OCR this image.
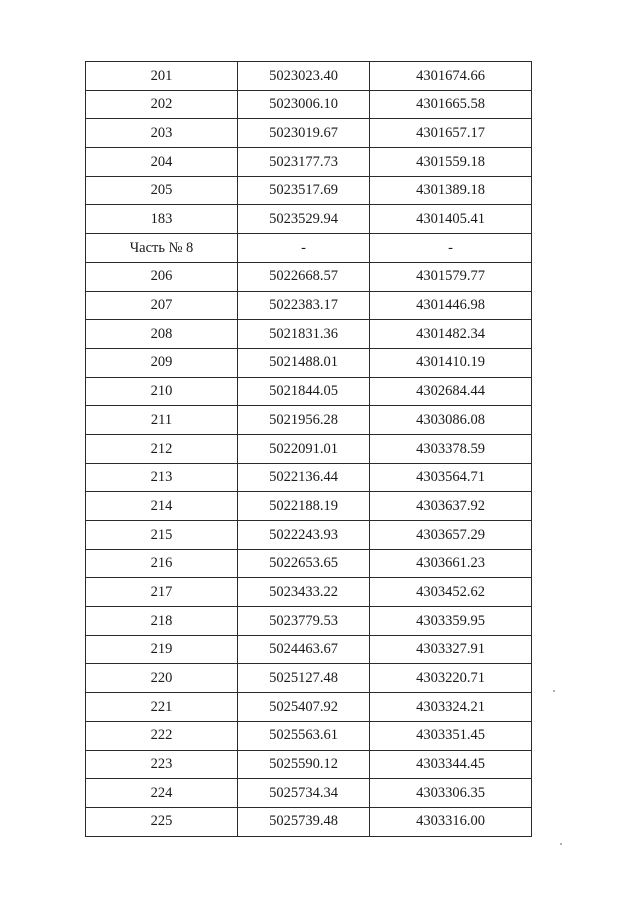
201	5023023.40	4301674.66
202	5023006.10	4301665.58
203	5023019.67	4301657.17
204	5023177.73	4301559.18
205	5023517.69	4301389.18
183	5023529.94	4301405.41
Часть № 8	-	-
206	5022668.57	4301579.77
207	5022383.17	4301446.98
208	5021831.36	4301482.34
209	5021488.01	4301410.19
210	5021844.05	4302684.44
211	5021956.28	4303086.08
212	5022091.01	4303378.59
213	5022136.44	4303564.71
214	5022188.19	4303637.92
215	5022243.93	4303657.29
216	5022653.65	4303661.23
217	5023433.22	4303452.62
218	5023779.53	4303359.95
219	5024463.67	4303327.91
220	5025127.48	4303220.71
221	5025407.92	4303324.21
222	5025563.61	4303351.45
223	5025590.12	4303344.45
224	5025734.34	4303306.35
225	5025739.48	4303316.00
